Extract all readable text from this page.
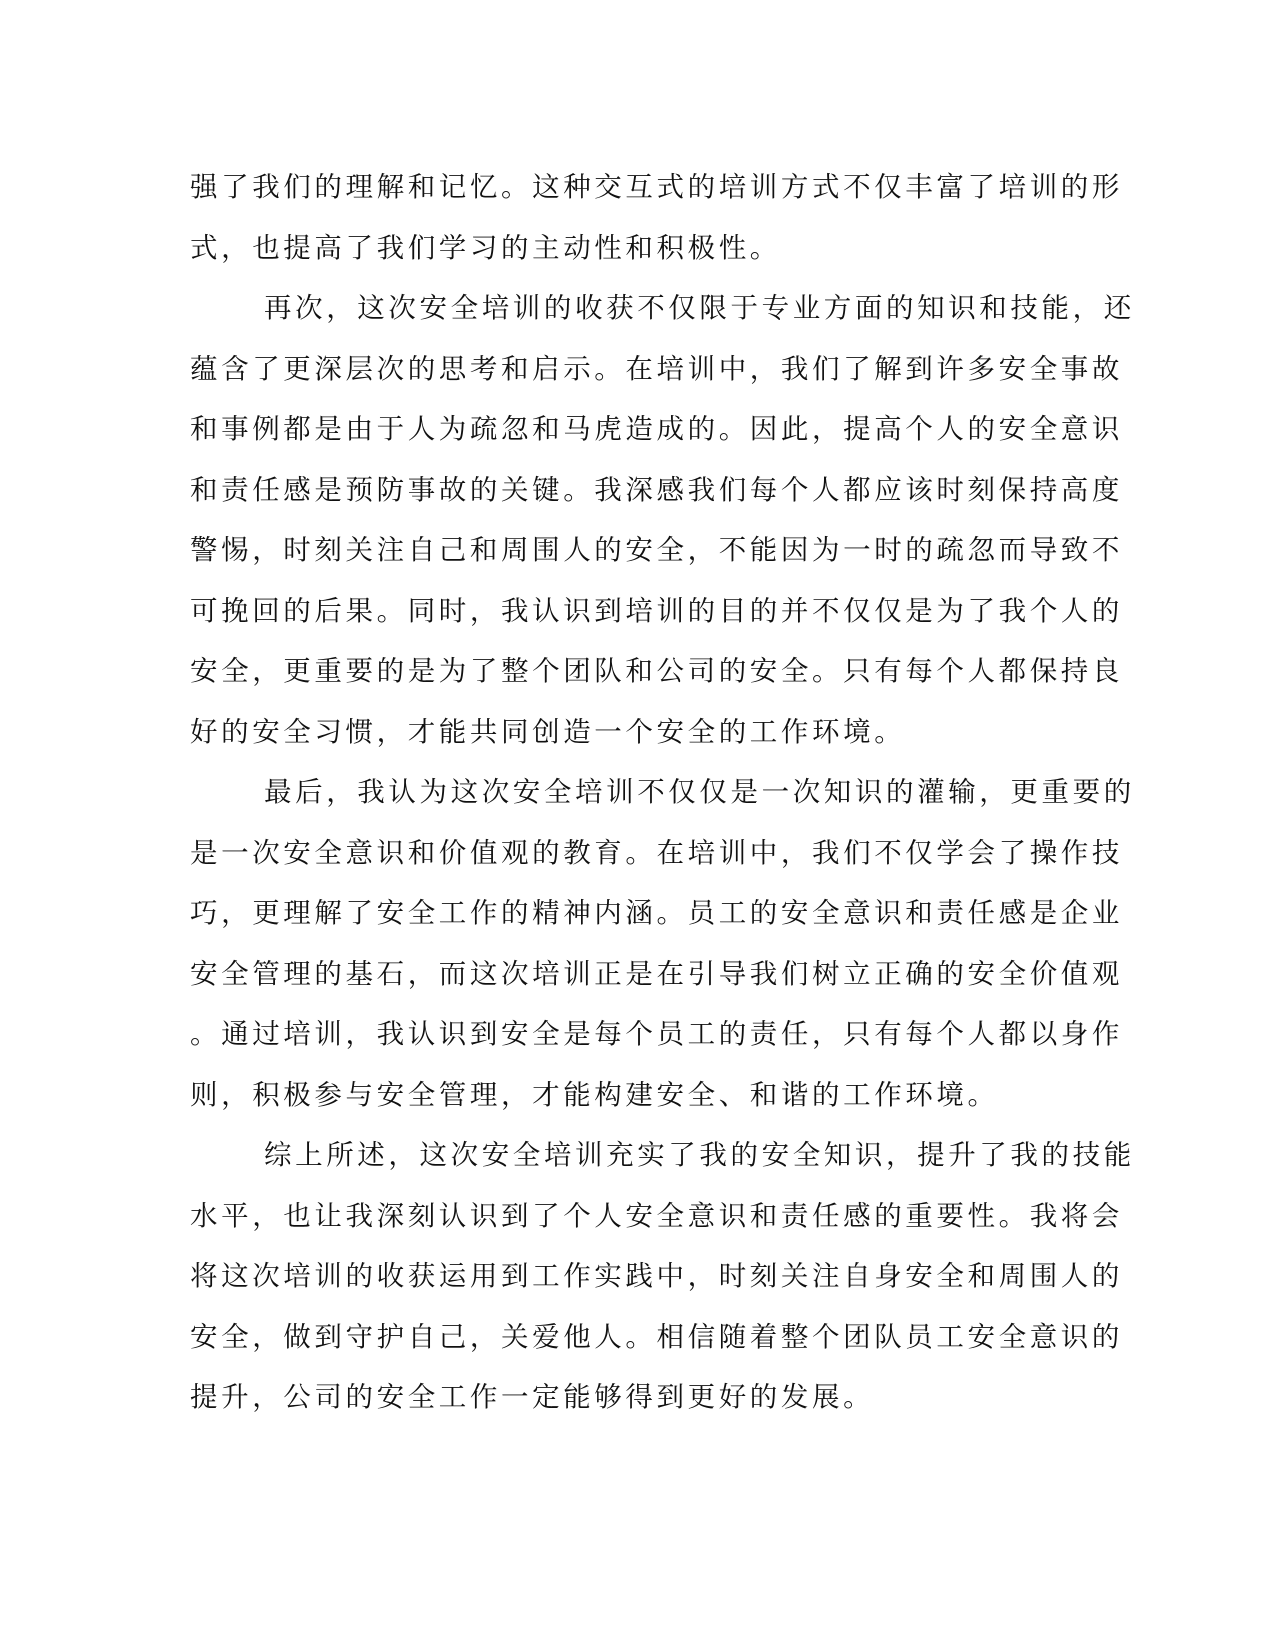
强了我们的理解和记忆。这种交互式的培训方式不仅丰富了培训的形
式，也提高了我们学习的主动性和积极性。
再次，这次安全培训的收获不仅限于专业方面的知识和技能，还
蕴含了更深层次的思考和启示。在培训中，我们了解到许多安全事故
和事例都是由于人为疏忽和马虎造成的。因此，提高个人的安全意识
和责任感是预防事故的关键。我深感我们每个人都应该时刻保持高度
警惕，时刻关注自己和周围人的安全，不能因为一时的疏忽而导致不
可挽回的后果。同时，我认识到培训的目的并不仅仅是为了我个人的
安全，更重要的是为了整个团队和公司的安全。只有每个人都保持良
好的安全习惯，才能共同创造一个安全的工作环境。
最后，我认为这次安全培训不仅仅是一次知识的灌输，更重要的
是一次安全意识和价值观的教育。在培训中，我们不仅学会了操作技
巧，更理解了安全工作的精神内涵。员工的安全意识和责任感是企业
安全管理的基石，而这次培训正是在引导我们树立正确的安全价值观
。通过培训，我认识到安全是每个员工的责任，只有每个人都以身作
则，积极参与安全管理，才能构建安全、和谐的工作环境。
综上所述，这次安全培训充实了我的安全知识，提升了我的技能
水平，也让我深刻认识到了个人安全意识和责任感的重要性。我将会
将这次培训的收获运用到工作实践中，时刻关注自身安全和周围人的
安全，做到守护自己，关爱他人。相信随着整个团队员工安全意识的
提升，公司的安全工作一定能够得到更好的发展。
